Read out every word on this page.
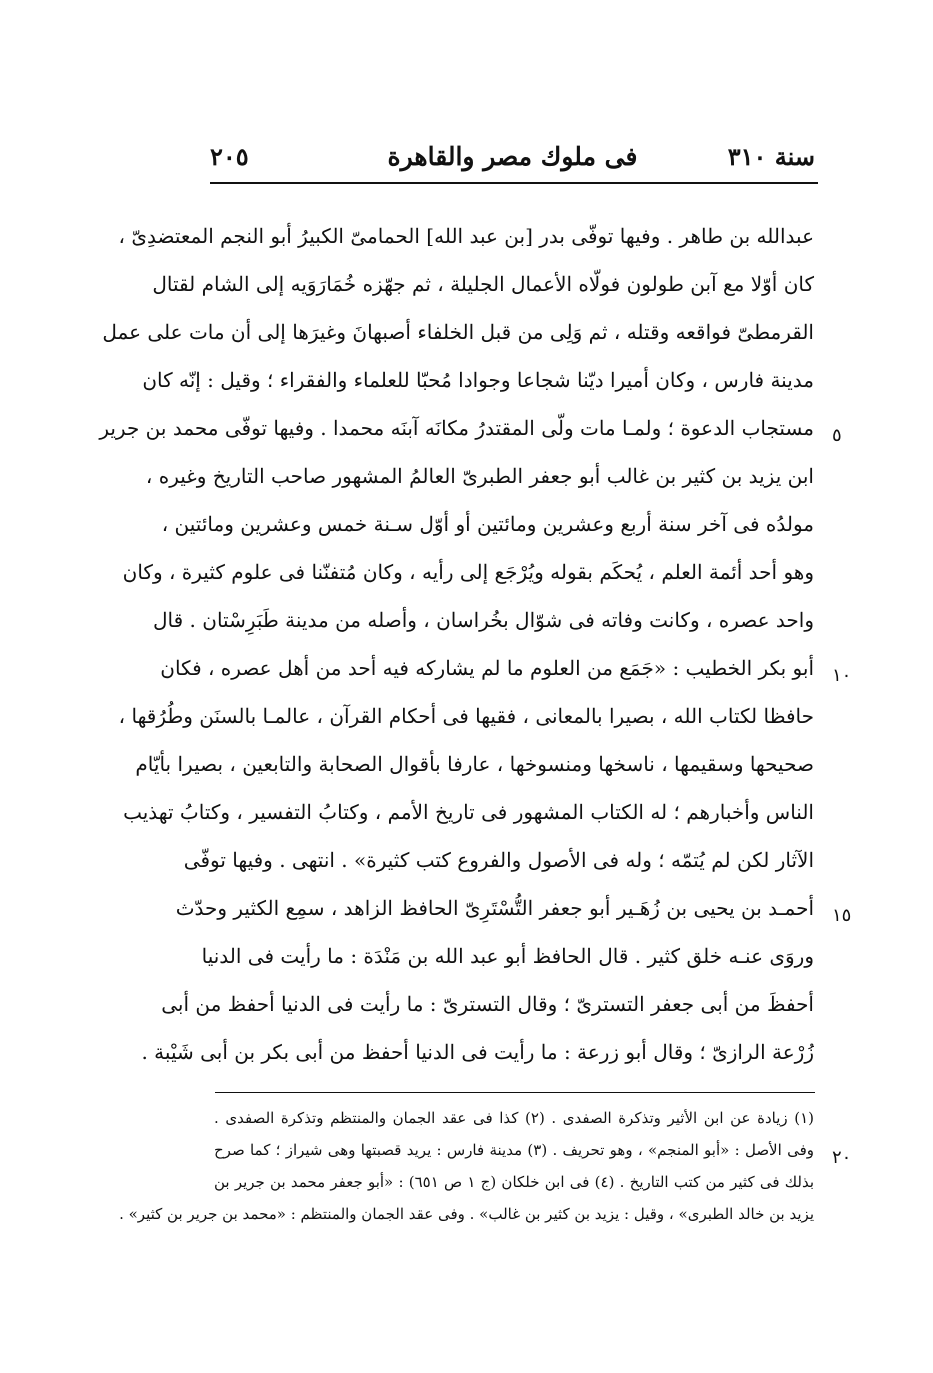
سنة ٣١٠
فى ملوك مصر والقاهرة
٢٠٥
عبدالله بن طاهر . وفيها توفّى بدر [بن عبد الله] الحمامىّ الكبيرُ أبو النجم المعتضدِىّ ،
كان أوّلا مع آبن طولون فولّاه الأعمال الجليلة ، ثم جهّزه خُمَارَوَيه إلى الشام لقتال
القرمطىّ فواقعه وقتله ، ثم وَلِى من قبل الخلفاء أصبهانَ وغيرَها إلى أن مات على عمل
مدينة فارس ، وكان أميرا ديّنا شجاعا وجوادا مُحبّا للعلماء والفقراء ؛ وقيل : إنّه كان
مستجاب الدعوة ؛ ولمـا مات ولّى المقتدرُ مكانَه آبنَه محمدا . وفيها توفّى محمد بن جرير
ابن يزيد بن كثير بن غالب أبو جعفر الطبرىّ العالمُ المشهور صاحب التاريخ وغيره ،
مولدُه فى آخر سنة أربع وعشرين ومائتين أو أوّل سـنة خمس وعشرين ومائتين ،
وهو أحد أئمة العلم ، يُحكَم بقوله ويُرْجَع إلى رأيه ، وكان مُتفنّنا فى علوم كثيرة ، وكان
واحد عصره ، وكانت وفاته فى شوّال بخُراسان ، وأصله من مدينة طَبَرِسْتان . قال
أبو بكر الخطيب : «جَمَع من العلوم ما لم يشاركه فيه أحد من أهل عصره ، فكان
حافظا لكتاب الله ، بصيرا بالمعانى ، فقيها فى أحكام القرآن ، عالمـا بالسنَن وطُرُقها ،
صحيحها وسقيمها ، ناسخها ومنسوخها ، عارفا بأقوال الصحابة والتابعين ، بصيرا بأيّام
الناس وأخبارهم ؛ له الكتاب المشهور فى تاريخ الأمم ، وكتابُ التفسير ، وكتابُ تهذيب
الآثار لكن لم يُتمّه ؛ وله فى الأصول والفروع كتب كثيرة» . انتهى . وفيها توفّى
أحمـد بن يحيى بن زُهَـير أبو جعفر التُّسْتَرِىّ الحافظ الزاهد ، سمِع الكثير وحدّث
وروَى عنـه خلق كثير . قال الحافظ أبو عبد الله بن مَنْدَة : ما رأيت فى الدنيا
أحفظَ من أبى جعفر التسترىّ ؛ وقال التسترىّ : ما رأيت فى الدنيا أحفظ من أبى
زُرْعة الرازىّ ؛ وقال أبو زرعة : ما رأيت فى الدنيا أحفظ من أبى بكر بن أبى شَيْبة .
٥
١٠
١٥
(١) زيادة عن ابن الأثير وتذكرة الصفدى . (٢) كذا فى عقد الجمان والمنتظم وتذكرة الصفدى .
وفى الأصل : «أبو المنجم» ، وهو تحريف . (٣) مدينة فارس : يريد قصبتها وهى شيراز ؛ كما صرح
بذلك فى كثير من كتب التاريخ . (٤) فى ابن خلكان (ج ١ ص ٦٥١) : «أبو جعفر محمد بن جرير بن
يزيد بن خالد الطبرى» ، وقيل : يزيد بن كثير بن غالب» . وفى عقد الجمان والمنتظم : «محمد بن جرير بن كثير» .
٢٠
